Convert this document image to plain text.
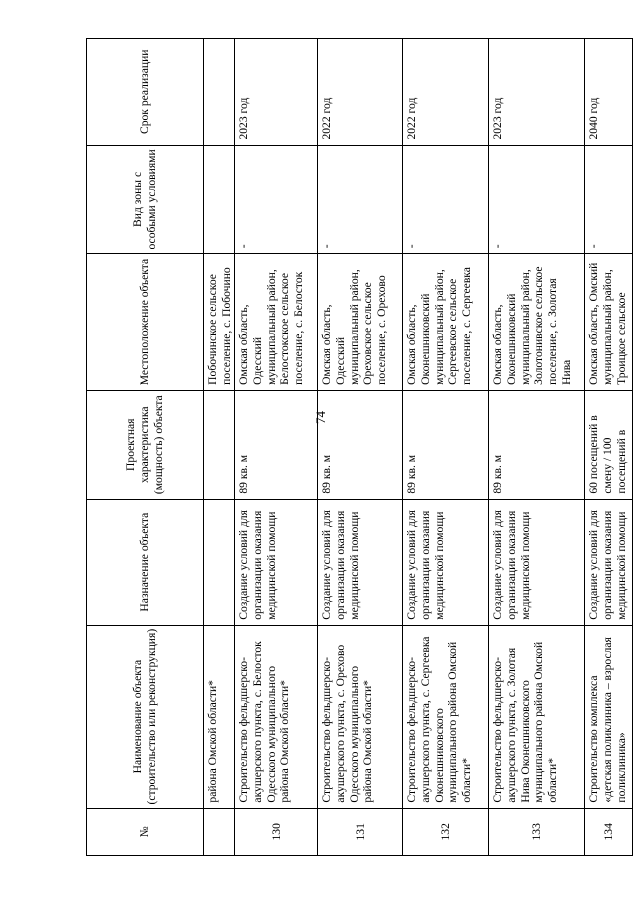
74
№	Наименование объекта (строительство или реконструкция)	Назначение объекта	Проектная характеристика (мощность) объекта	Местоположение объекта	Вид зоны с особыми условиями	Срок реализации
	района Омской области*			Побочинское сельское поселение, с. Побочино		
130	Строительство фельдшерско-акушерского пункта, с. Белосток Одесского муниципального района Омской области*	Создание условий для организации оказания медицинской помощи	89 кв. м	Омская область, Одесский муниципальный район, Белостокское сельское поселение, с. Белосток	-	2023 год
131	Строительство фельдшерско-акушерского пункта, с. Орехово Одесского муниципального района Омской области*	Создание условий для организации оказания медицинской помощи	89 кв. м	Омская область, Одесский муниципальный район, Ореховское сельское поселение, с. Орехово	-	2022 год
132	Строительство фельдшерско-акушерского пункта, с. Сергеевка Оконешниковского муниципального района Омской области*	Создание условий для организации оказания медицинской помощи	89 кв. м	Омская область, Оконешниковский муниципальный район, Сергеевское сельское поселение, с. Сергеевка	-	2022 год
133	Строительство фельдшерско-акушерского пункта, с. Золотая Нива Оконешниковского муниципального района Омской области*	Создание условий для организации оказания медицинской помощи	89 кв. м	Омская область, Оконешниковский муниципальный район, Золотонивское сельское поселение, с. Золотая Нива	-	2023 год
134	Строительство комплекса «детская поликлиника – взрослая поликлиника»	Создание условий для организации оказания медицинской помощи	60 посещений в смену / 100 посещений в	Омская область, Омский муниципальный район, Троицкое сельское	-	2040 год
